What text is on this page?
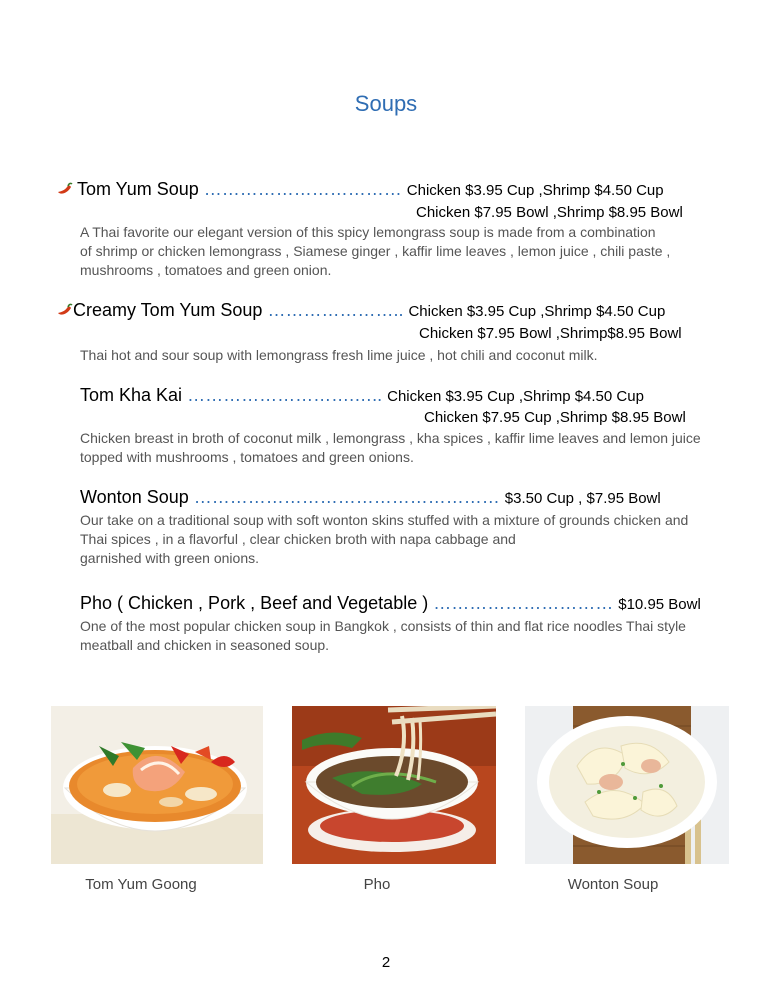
Soups
Tom Yum Soup …………………………… Chicken $3.95 Cup ,Shrimp $4.50 Cup
Chicken $7.95 Bowl ,Shrimp $8.95 Bowl
A Thai favorite our elegant version of this spicy lemongrass soup is made from a combination
of shrimp or chicken lemongrass , Siamese ginger , kaffir lime leaves , lemon juice , chili paste ,
mushrooms , tomatoes and green onion.
Creamy Tom Yum Soup ………………….. Chicken $3.95 Cup ,Shrimp $4.50 Cup
Chicken $7.95 Bowl ,Shrimp$8.95 Bowl
Thai hot and sour soup with lemongrass fresh lime juice , hot chili and coconut milk.
Tom Kha Kai ……………………….….. Chicken $3.95 Cup ,Shrimp $4.50 Cup
Chicken $7.95 Cup ,Shrimp $8.95 Bowl
Chicken breast in broth of coconut milk , lemongrass , kha spices , kaffir lime leaves and lemon juice
topped with mushrooms , tomatoes and green onions.
Wonton Soup …………………………………………… $3.50 Cup , $7.95 Bowl
Our take on a traditional soup with soft wonton skins stuffed with a mixture of grounds chicken and
Thai spices , in a flavorful , clear chicken broth with napa cabbage and
garnished with green onions.
Pho ( Chicken , Pork , Beef and Vegetable ) ………………………… $10.95 Bowl
One of the most popular chicken soup in Bangkok , consists of thin and flat rice noodles Thai style
meatball and chicken in seasoned soup.
Tom Yum Goong	Pho	Wonton Soup
2
